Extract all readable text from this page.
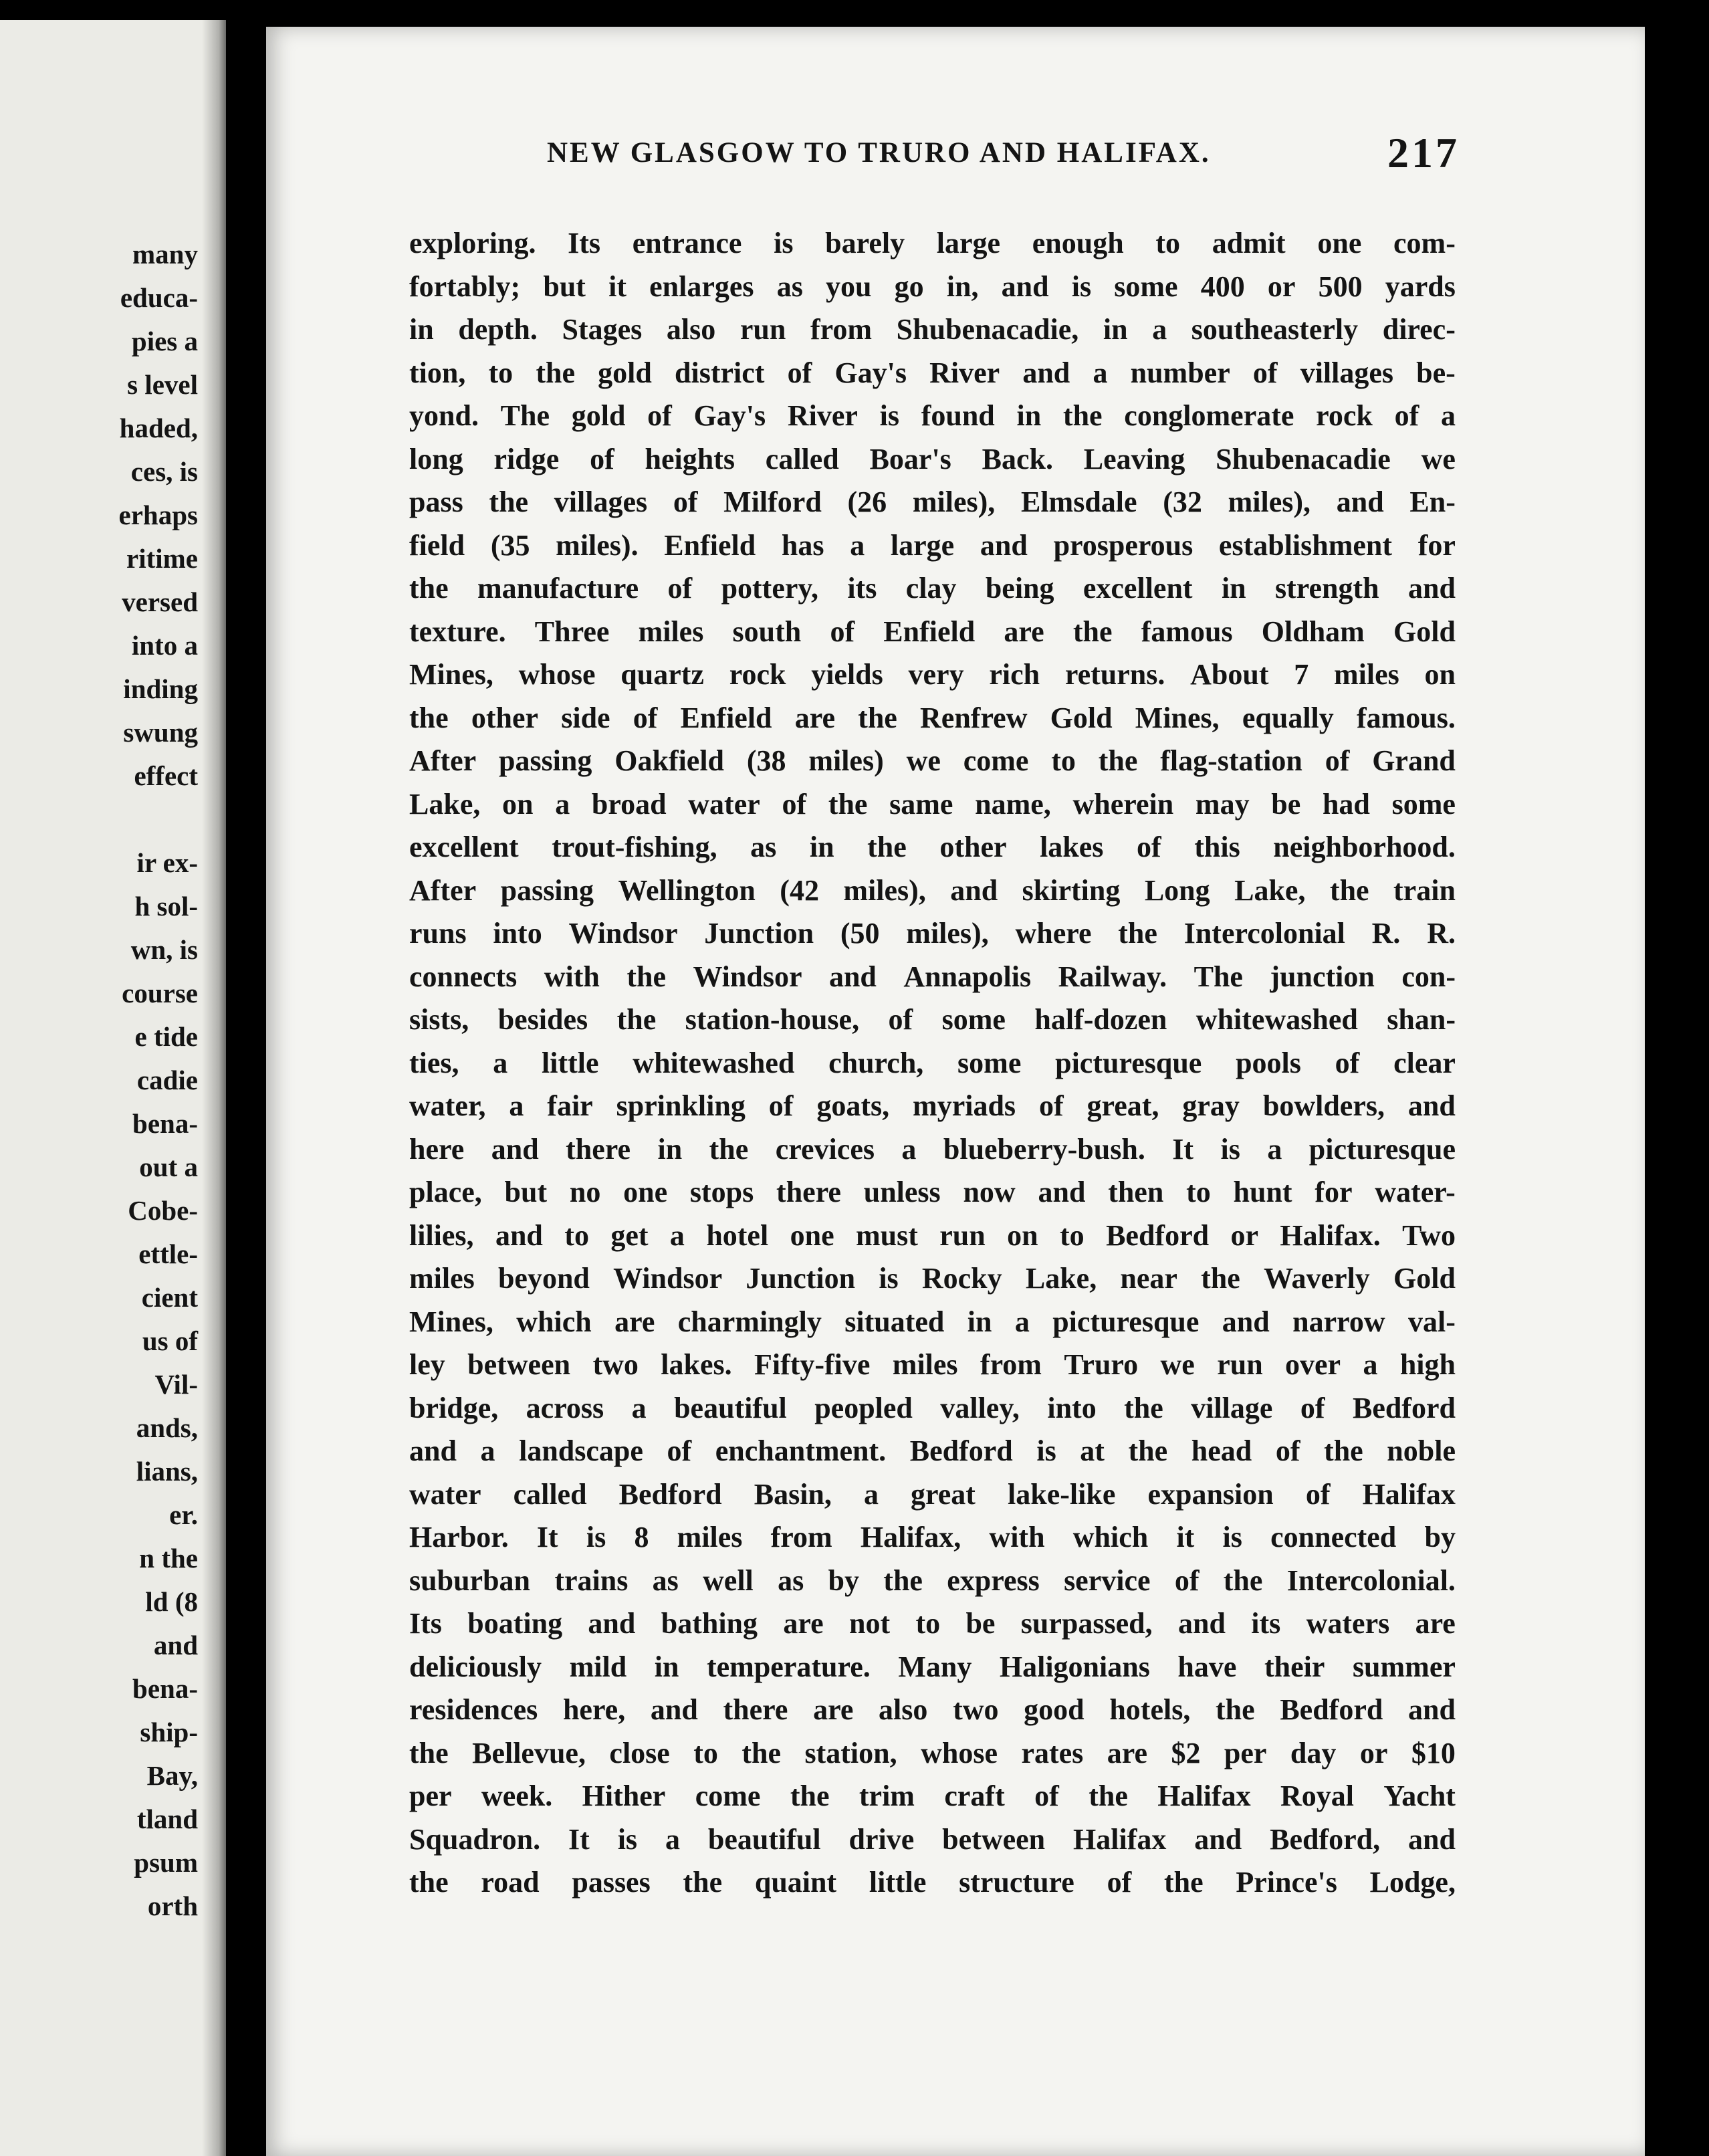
many
educa-
pies a
s level
haded,
ces, is
erhaps
ritime
versed
into a
inding
swung
effect
ir ex-
h sol-
wn, is
course
e tide
cadie
bena-
out a
Cobe-
ettle-
cient
us of
Vil-
ands,
lians,
er.
n the
ld (8
and
bena-
ship-
Bay,
tland
psum
orth
NEW GLASGOW TO TRURO AND HALIFAX.	217
exploring. Its entrance is barely large enough to admit one com-
fortably; but it enlarges as you go in, and is some 400 or 500 yards
in depth. Stages also run from Shubenacadie, in a southeasterly direc-
tion, to the gold district of Gay's River and a number of villages be-
yond. The gold of Gay's River is found in the conglomerate rock of a
long ridge of heights called Boar's Back. Leaving Shubenacadie we
pass the villages of Milford (26 miles), Elmsdale (32 miles), and En-
field (35 miles). Enfield has a large and prosperous establishment for
the manufacture of pottery, its clay being excellent in strength and
texture. Three miles south of Enfield are the famous Oldham Gold
Mines, whose quartz rock yields very rich returns. About 7 miles on
the other side of Enfield are the Renfrew Gold Mines, equally famous.
After passing Oakfield (38 miles) we come to the flag-station of Grand
Lake, on a broad water of the same name, wherein may be had some
excellent trout-fishing, as in the other lakes of this neighborhood.
After passing Wellington (42 miles), and skirting Long Lake, the train
runs into Windsor Junction (50 miles), where the Intercolonial R. R.
connects with the Windsor and Annapolis Railway. The junction con-
sists, besides the station-house, of some half-dozen whitewashed shan-
ties, a little whitewashed church, some picturesque pools of clear
water, a fair sprinkling of goats, myriads of great, gray bowlders, and
here and there in the crevices a blueberry-bush. It is a picturesque
place, but no one stops there unless now and then to hunt for water-
lilies, and to get a hotel one must run on to Bedford or Halifax. Two
miles beyond Windsor Junction is Rocky Lake, near the Waverly Gold
Mines, which are charmingly situated in a picturesque and narrow val-
ley between two lakes. Fifty-five miles from Truro we run over a high
bridge, across a beautiful peopled valley, into the village of Bedford
and a landscape of enchantment. Bedford is at the head of the noble
water called Bedford Basin, a great lake-like expansion of Halifax
Harbor. It is 8 miles from Halifax, with which it is connected by
suburban trains as well as by the express service of the Intercolonial.
Its boating and bathing are not to be surpassed, and its waters are
deliciously mild in temperature. Many Haligonians have their summer
residences here, and there are also two good hotels, the Bedford and
the Bellevue, close to the station, whose rates are $2 per day or $10
per week. Hither come the trim craft of the Halifax Royal Yacht
Squadron. It is a beautiful drive between Halifax and Bedford, and
the road passes the quaint little structure of the Prince's Lodge,
